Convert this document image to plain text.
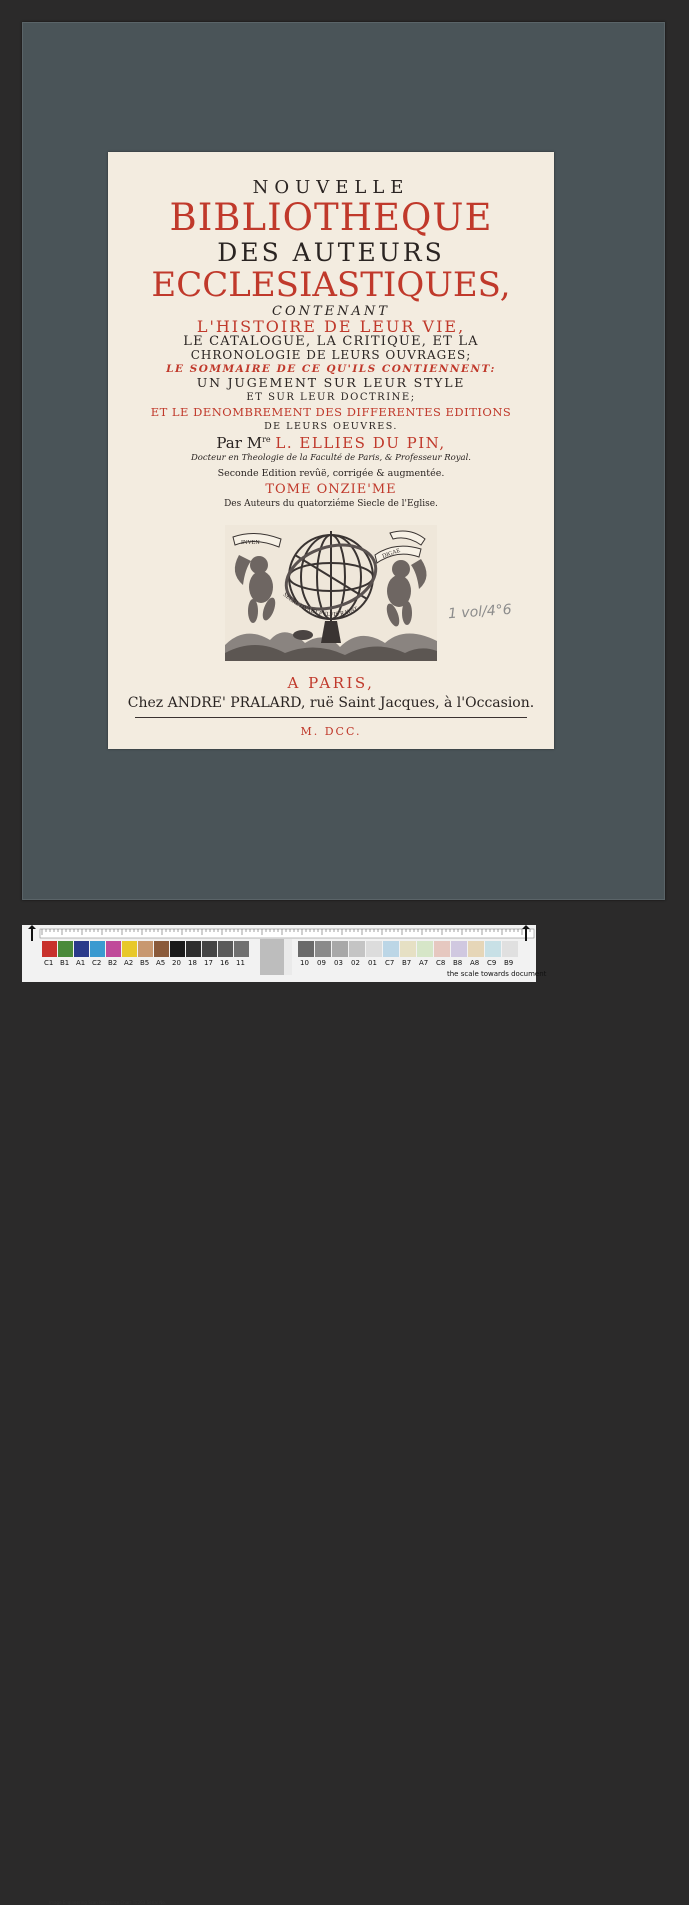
NOUVELLE
BIBLIOTHEQUE
DES AUTEURS
ECCLESIASTIQUES,
CONTENANT
L'HISTOIRE DE LEUR VIE,
LE CATALOGUE, LA CRITIQUE, ET LA
CHRONOLOGIE DE LEURS OUVRAGES;
LE SOMMAIRE DE CE QU'ILS CONTIENNENT:
UN JUGEMENT SUR LEUR STYLE
ET SUR LEUR DOCTRINE;
ET LE DENOMBREMENT DES DIFFERENTES EDITIONS
DE LEURS OEUVRES.
Par Mre L. ELLIES DU PIN,
Docteur en Theologie de la Faculté de Paris, & Professeur Royal.
Seconde Edition revûë, corrigée & augmentée.
TOME ONZIE'ME
Des Auteurs du quatorziéme Siecle de l'Eglise.
INVEN
DIGAE
SECRETIVAET PVLVIS RAVAT
A PARIS,
Chez ANDRE' PRALARD, ruë Saint Jacques, à l'Occasion.
M. DCC.
1 vol/4°6
C1 B1 A1 C2 B2 A2 B5 A5 20 18 17 16 11	10 09 03 02 01 C7 B7 A7 C8 B8 A8 C9 B9
Image Engineering Scan Reference Chart TE263 Serial No.
the scale towards document
